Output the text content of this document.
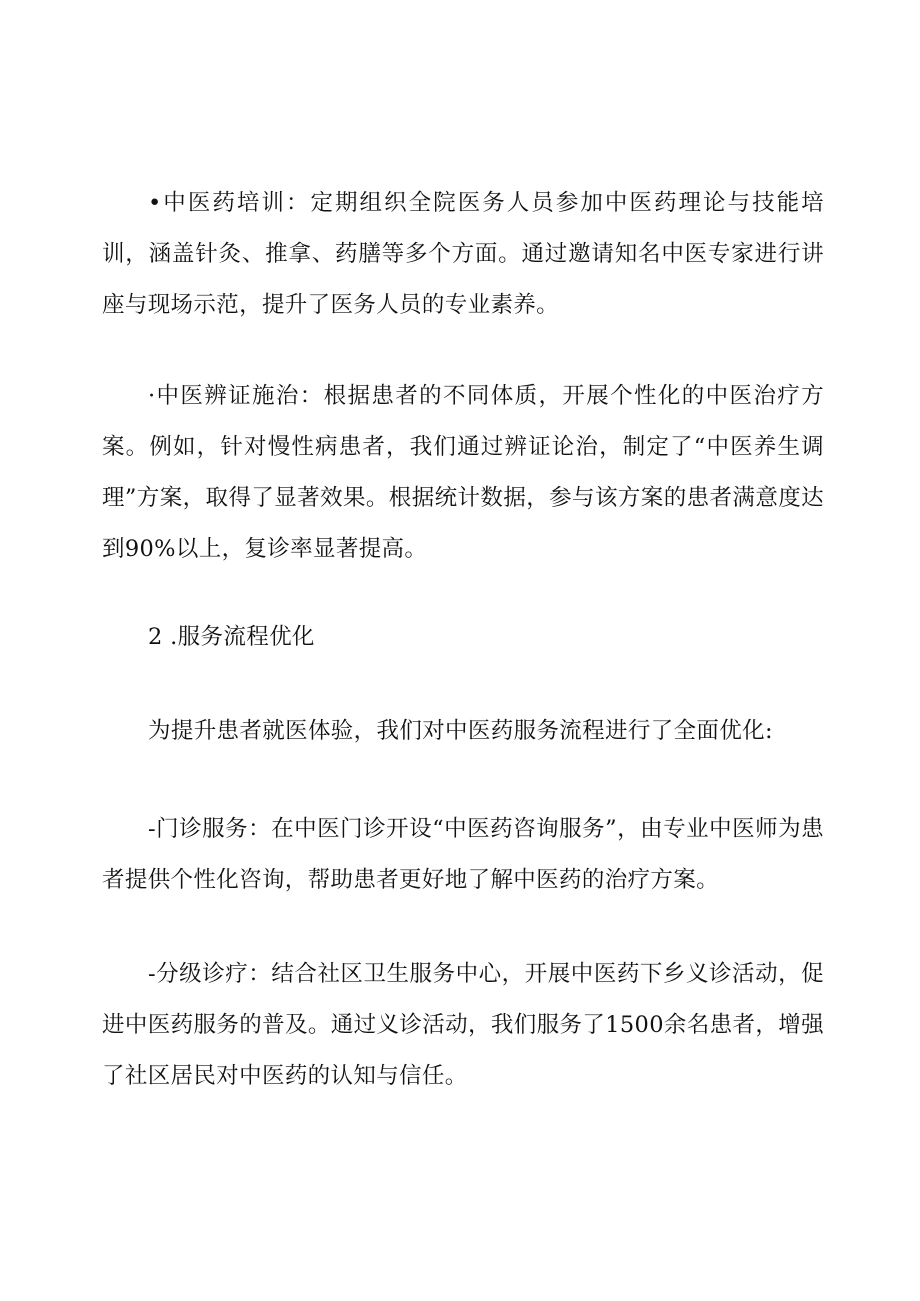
•中医药培训：定期组织全院医务人员参加中医药理论与技能培训，涵盖针灸、推拿、药膳等多个方面。通过邀请知名中医专家进行讲座与现场示范，提升了医务人员的专业素养。

·中医辨证施治：根据患者的不同体质，开展个性化的中医治疗方案。例如，针对慢性病患者，我们通过辨证论治，制定了“中医养生调理”方案，取得了显著效果。根据统计数据，参与该方案的患者满意度达到90%以上，复诊率显著提高。

2 .服务流程优化

为提升患者就医体验，我们对中医药服务流程进行了全面优化:

-门诊服务：在中医门诊开设“中医药咨询服务”，由专业中医师为患者提供个性化咨询，帮助患者更好地了解中医药的治疗方案。

-分级诊疗：结合社区卫生服务中心，开展中医药下乡义诊活动，促进中医药服务的普及。通过义诊活动，我们服务了1500余名患者，增强了社区居民对中医药的认知与信任。
